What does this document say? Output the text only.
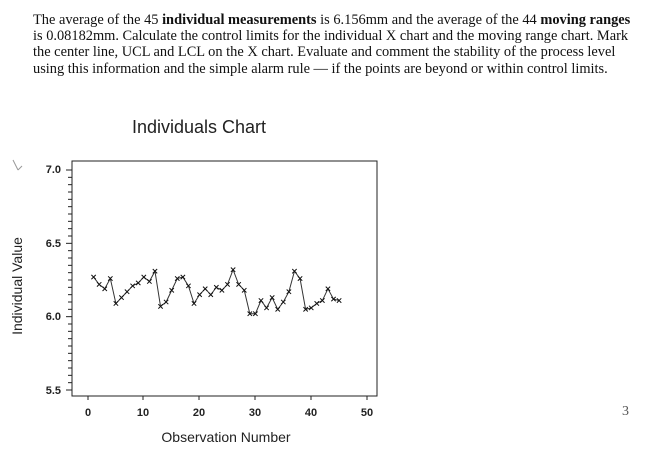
The average of the 45 individual measurements is 6.156mm and the average of the 44 moving ranges is 0.08182mm. Calculate the control limits for the individual X chart and the moving range chart. Mark the center line, UCL and LCL on the X chart. Evaluate and comment the stability of the process level using this information and the simple alarm rule — if the points are beyond or within control limits.
Individuals Chart
Individual Value
Observation Number
0	10	20	30	40	50
5.5
6.0
6.5
7.0
3
